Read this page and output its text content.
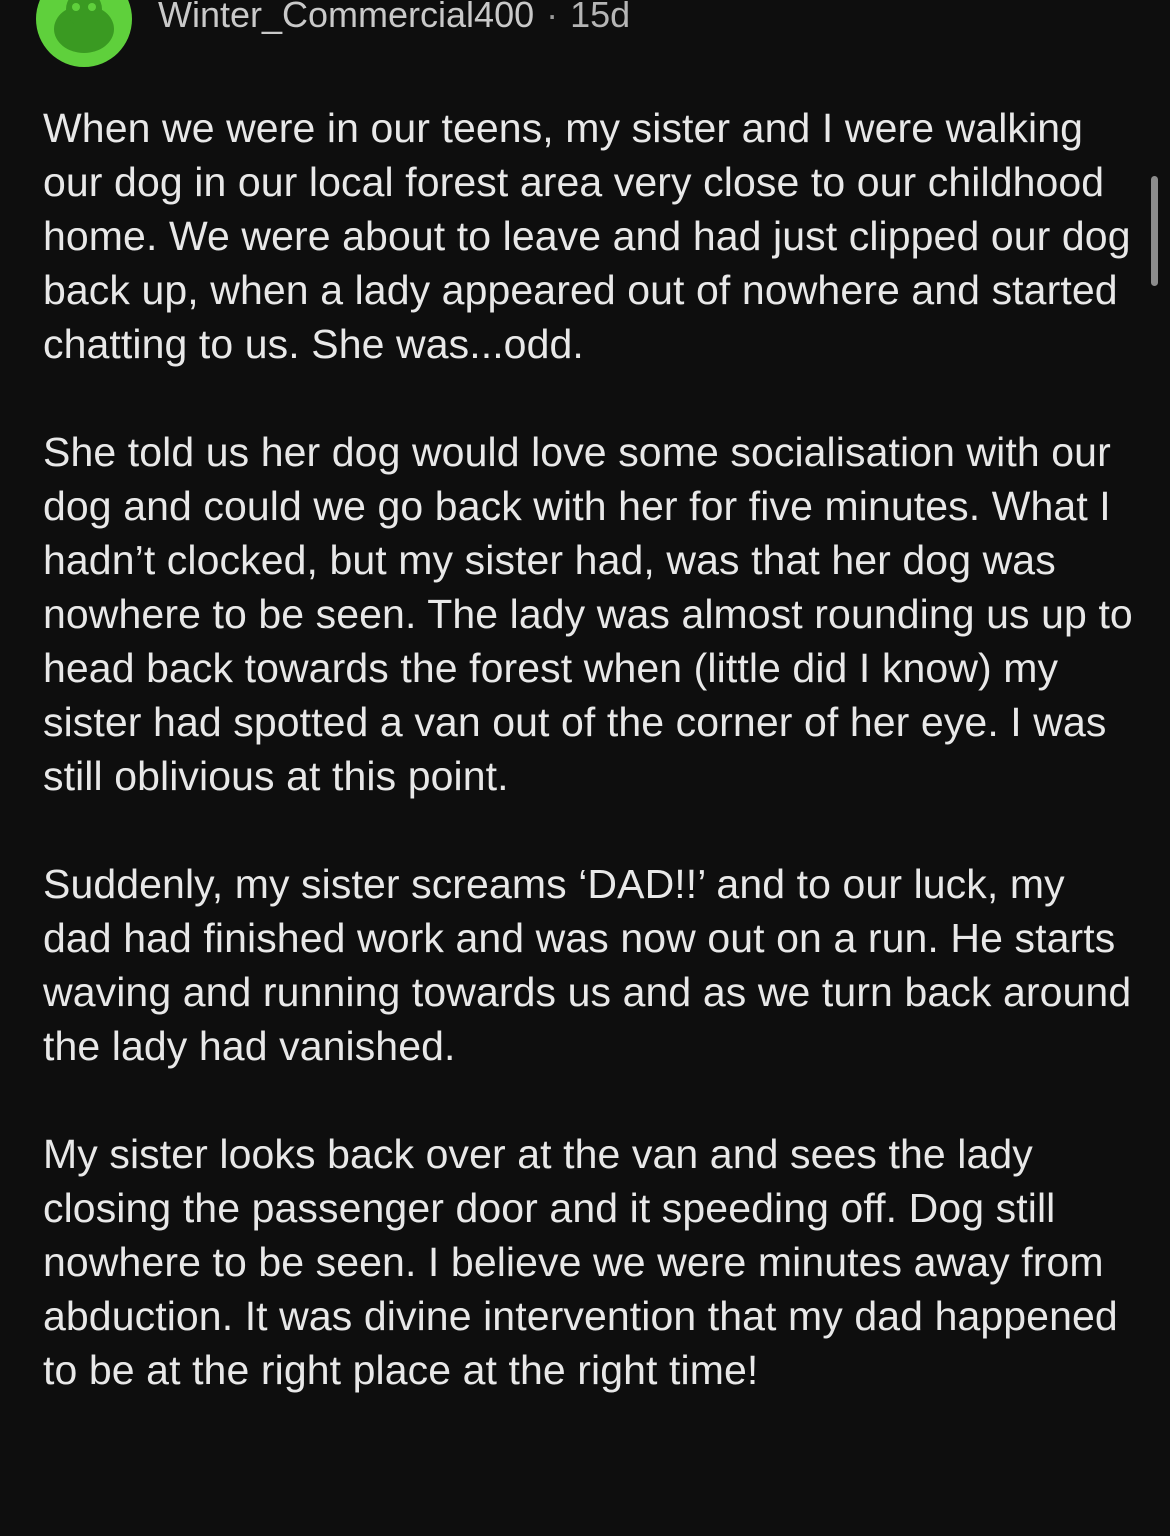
Winter_Commercial400 · 15d

When we were in our teens, my sister and I were walking our dog in our local forest area very close to our childhood home. We were about to leave and had just clipped our dog back up, when a lady appeared out of nowhere and started chatting to us. She was...odd.

She told us her dog would love some socialisation with our dog and could we go back with her for five minutes. What I hadn’t clocked, but my sister had, was that her dog was nowhere to be seen. The lady was almost rounding us up to head back towards the forest when (little did I know) my sister had spotted a van out of the corner of her eye. I was still oblivious at this point.

Suddenly, my sister screams ‘DAD!!’ and to our luck, my dad had finished work and was now out on a run. He starts waving and running towards us and as we turn back around the lady had vanished.

My sister looks back over at the van and sees the lady closing the passenger door and it speeding off. Dog still nowhere to be seen. I believe we were minutes away from abduction. It was divine intervention that my dad happened to be at the right place at the right time!
